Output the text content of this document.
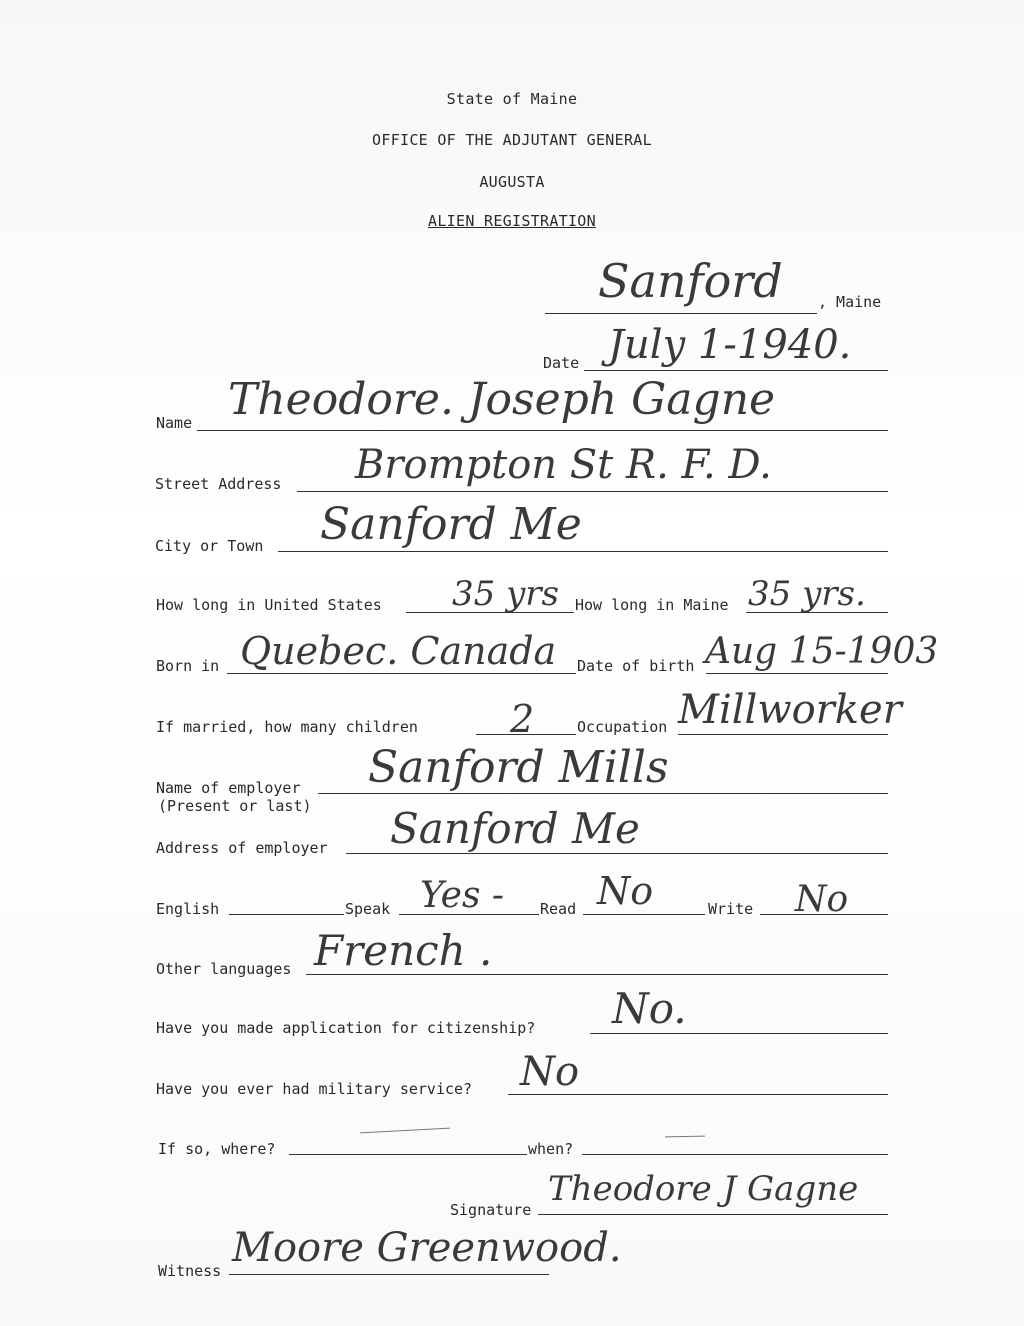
State of Maine
OFFICE OF THE ADJUTANT GENERAL
AUGUSTA
ALIEN REGISTRATION
Sanford , Maine
Date July 1-1940.
Name Theodore. Joseph Gagne
Street Address Brompton St R. F. D.
City or Town Sanford Me
How long in United States 35 yrs How long in Maine 35 yrs.
Born in Quebec. Canada Date of birth Aug 15-1903
If married, how many children 2	Occupation Millworker
Name of employer
(Present or last)
Sanford Mills
Address of employer Sanford Me
English	Speak Yes - Read No	Write No
Other languages French .
Have you made application for citizenship? No.
Have you ever had military service? No
If so, where?	when?
Signature
Theodore J Gagne
Witness Moore Greenwood.
